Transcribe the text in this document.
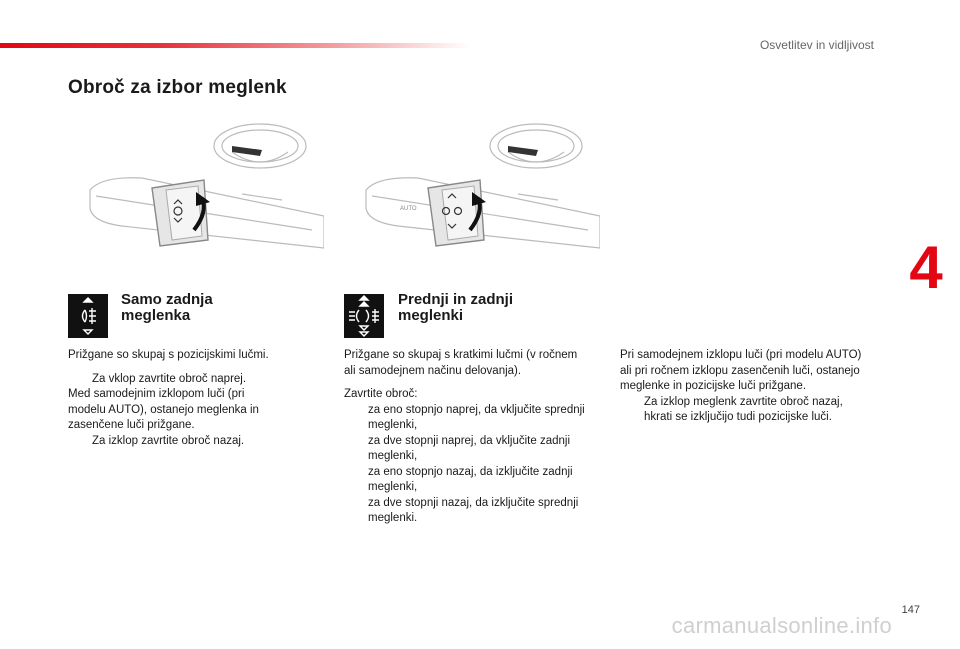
Osvetlitev in vidljivost
4
Obroč za izbor meglenk
AUTO
Samo zadnja
meglenka
Prednji in zadnji
meglenki

Prižgane so skupaj s pozicijskimi lučmi.

Za vklop zavrtite obroč naprej.
Med samodejnim izklopom luči (pri
modelu AUTO), ostanejo meglenka in
zasenčene luči prižgane.
Za izklop zavrtite obroč nazaj.

Prižgane so skupaj s kratkimi lučmi (v ročnem
ali samodejnem načinu delovanja).

Zavrtite obroč:
za eno stopnjo naprej, da vključite sprednji
meglenki,
za dve stopnji naprej, da vključite zadnji
meglenki,
za eno stopnjo nazaj, da izključite zadnji
meglenki,
za dve stopnji nazaj, da izključite sprednji
meglenki.
Pri samodejnem izklopu luči (pri modelu AUTO)
ali pri ročnem izklopu zasenčenih luči, ostanejo
meglenke in pozicijske luči prižgane.
Za izklop meglenk zavrtite obroč nazaj,
hkrati se izključijo tudi pozicijske luči.
147
carmanualsonline.info
